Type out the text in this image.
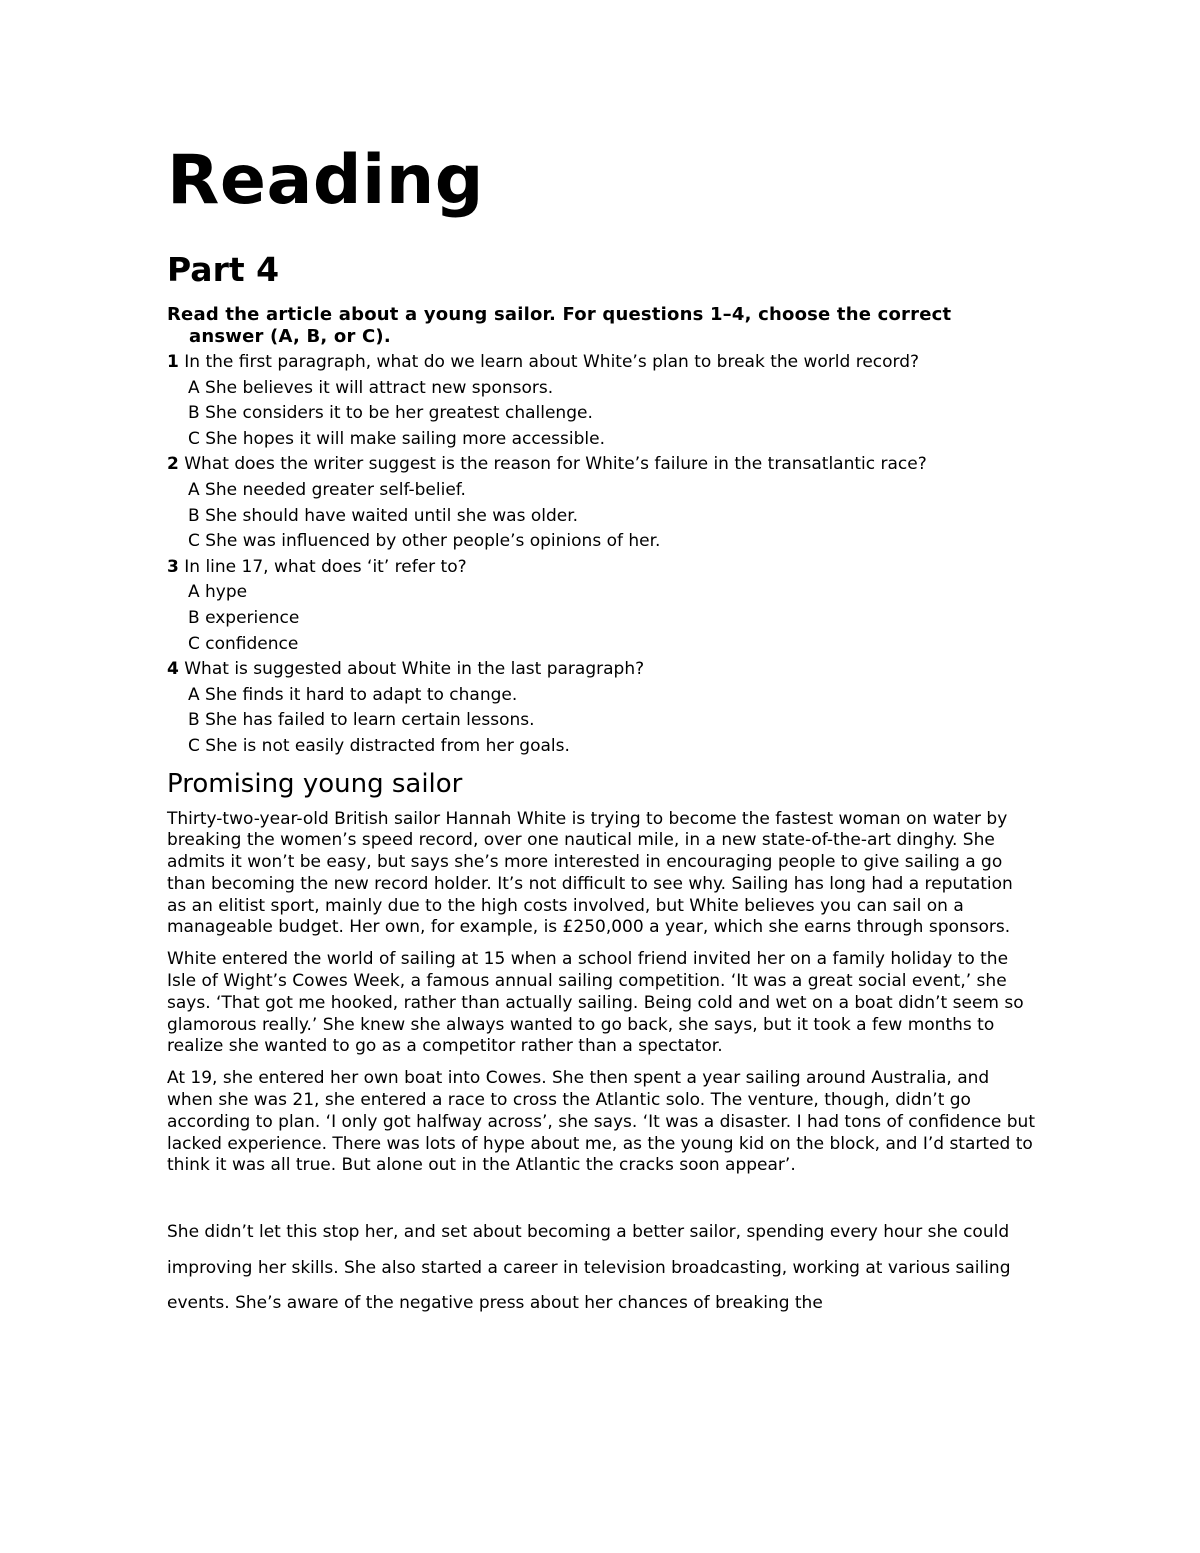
Reading
Part 4

Read the article about a young sailor. For questions 1–4, choose the correct answer (A, B, or C).

1 In the first paragraph, what do we learn about White’s plan to break the world record?
A She believes it will attract new sponsors.
B She considers it to be her greatest challenge.
C She hopes it will make sailing more accessible.
2 What does the writer suggest is the reason for White’s failure in the transatlantic race?
A She needed greater self-belief.
B She should have waited until she was older.
C She was influenced by other people’s opinions of her.
3 In line 17, what does ‘it’ refer to?
A hype
B experience
C confidence
4 What is suggested about White in the last paragraph?
A She finds it hard to adapt to change.
B She has failed to learn certain lessons.
C She is not easily distracted from her goals.
Promising young sailor

Thirty-two-year-old British sailor Hannah White is trying to become the fastest woman on water by breaking the women’s speed record, over one nautical mile, in a new state-of-the-art dinghy. She admits it won’t be easy, but says she’s more interested in encouraging people to give sailing a go than becoming the new record holder. It’s not difficult to see why. Sailing has long had a reputation as an elitist sport, mainly due to the high costs involved, but White believes you can sail on a manageable budget. Her own, for example, is £250,000 a year, which she earns through sponsors.

White entered the world of sailing at 15 when a school friend invited her on a family holiday to the Isle of Wight’s Cowes Week, a famous annual sailing competition. ‘It was a great social event,’ she says. ‘That got me hooked, rather than actually sailing. Being cold and wet on a boat didn’t seem so glamorous really.’ She knew she always wanted to go back, she says, but it took a few months to realize she wanted to go as a competitor rather than a spectator.

At 19, she entered her own boat into Cowes. She then spent a year sailing around Australia, and when she was 21, she entered a race to cross the Atlantic solo. The venture, though, didn’t go according to plan. ‘I only got halfway across’, she says. ‘It was a disaster. I had tons of confidence but lacked experience. There was lots of hype about me, as the young kid on the block, and I’d started to think it was all true. But alone out in the Atlantic the cracks soon appear’.

She didn’t let this stop her, and set about becoming a better sailor, spending every hour she could improving her skills. She also started a career in television broadcasting, working at various sailing events. She’s aware of the negative press about her chances of breaking the
